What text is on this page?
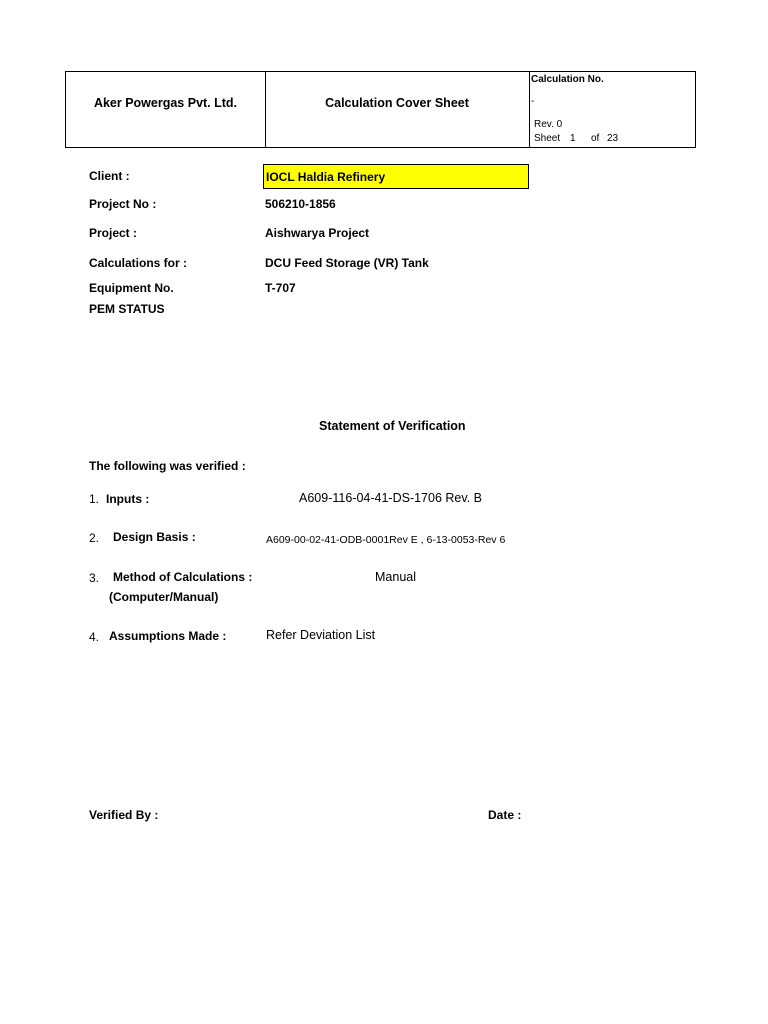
Aker Powergas Pvt. Ltd.	Calculation Cover Sheet
Calculation No.
-
Rev. 0
Sheet 1 of 23
Client :	IOCL Haldia Refinery
Project No :	506210-1856
Project :	Aishwarya Project
Calculations for :	DCU Feed Storage (VR) Tank
Equipment No.	T-707
PEM STATUS
Statement of Verification
The following was verified :
1. Inputs :	A609-116-04-41-DS-1706 Rev. B
2. Design Basis :	A609-00-02-41-ODB-0001Rev E , 6-13-0053-Rev 6
3. Method of Calculations :
(Computer/Manual)
Manual
4. Assumptions Made :	Refer Deviation List
Verified By :	Date :
